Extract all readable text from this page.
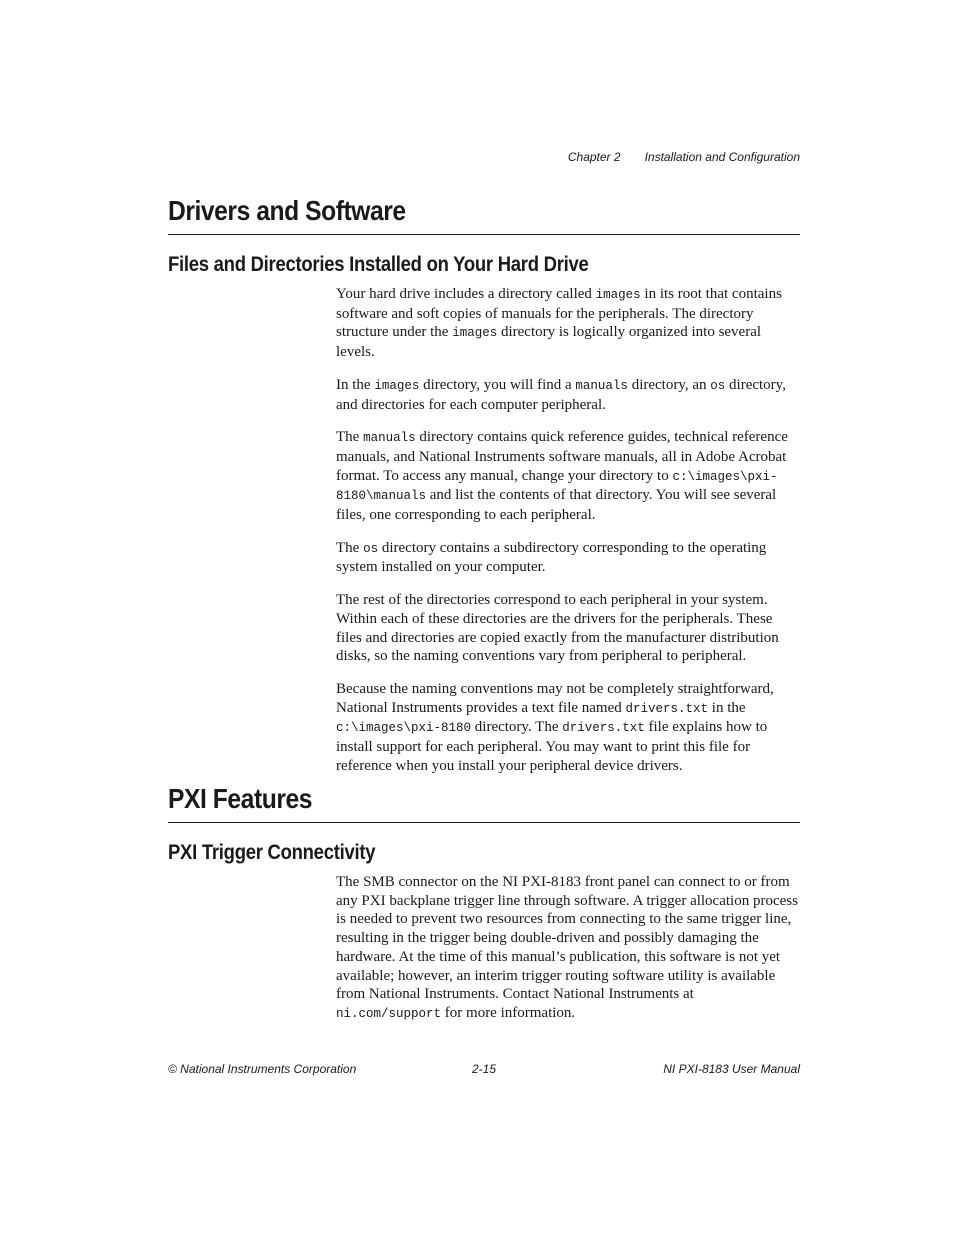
Chapter 2 Installation and Configuration
Drivers and Software
Files and Directories Installed on Your Hard Drive

Your hard drive includes a directory called images in its root that contains software and soft copies of manuals for the peripherals. The directory structure under the images directory is logically organized into several levels.

In the images directory, you will find a manuals directory, an os directory, and directories for each computer peripheral.

The manuals directory contains quick reference guides, technical reference manuals, and National Instruments software manuals, all in Adobe Acrobat format. To access any manual, change your directory to c:\images\pxi-8180\manuals and list the contents of that directory. You will see several files, one corresponding to each peripheral.

The os directory contains a subdirectory corresponding to the operating system installed on your computer.

The rest of the directories correspond to each peripheral in your system. Within each of these directories are the drivers for the peripherals. These files and directories are copied exactly from the manufacturer distribution disks, so the naming conventions vary from peripheral to peripheral.

Because the naming conventions may not be completely straightforward, National Instruments provides a text file named drivers.txt in the c:\images\pxi-8180 directory. The drivers.txt file explains how to install support for each peripheral. You may want to print this file for reference when you install your peripheral device drivers.

PXI Features
PXI Trigger Connectivity

The SMB connector on the NI PXI-8183 front panel can connect to or from any PXI backplane trigger line through software. A trigger allocation process is needed to prevent two resources from connecting to the same trigger line, resulting in the trigger being double-driven and possibly damaging the hardware. At the time of this manual’s publication, this software is not yet available; however, an interim trigger routing software utility is available from National Instruments. Contact National Instruments at ni.com/support for more information.

© National Instruments Corporation	2-15	NI PXI-8183 User Manual
